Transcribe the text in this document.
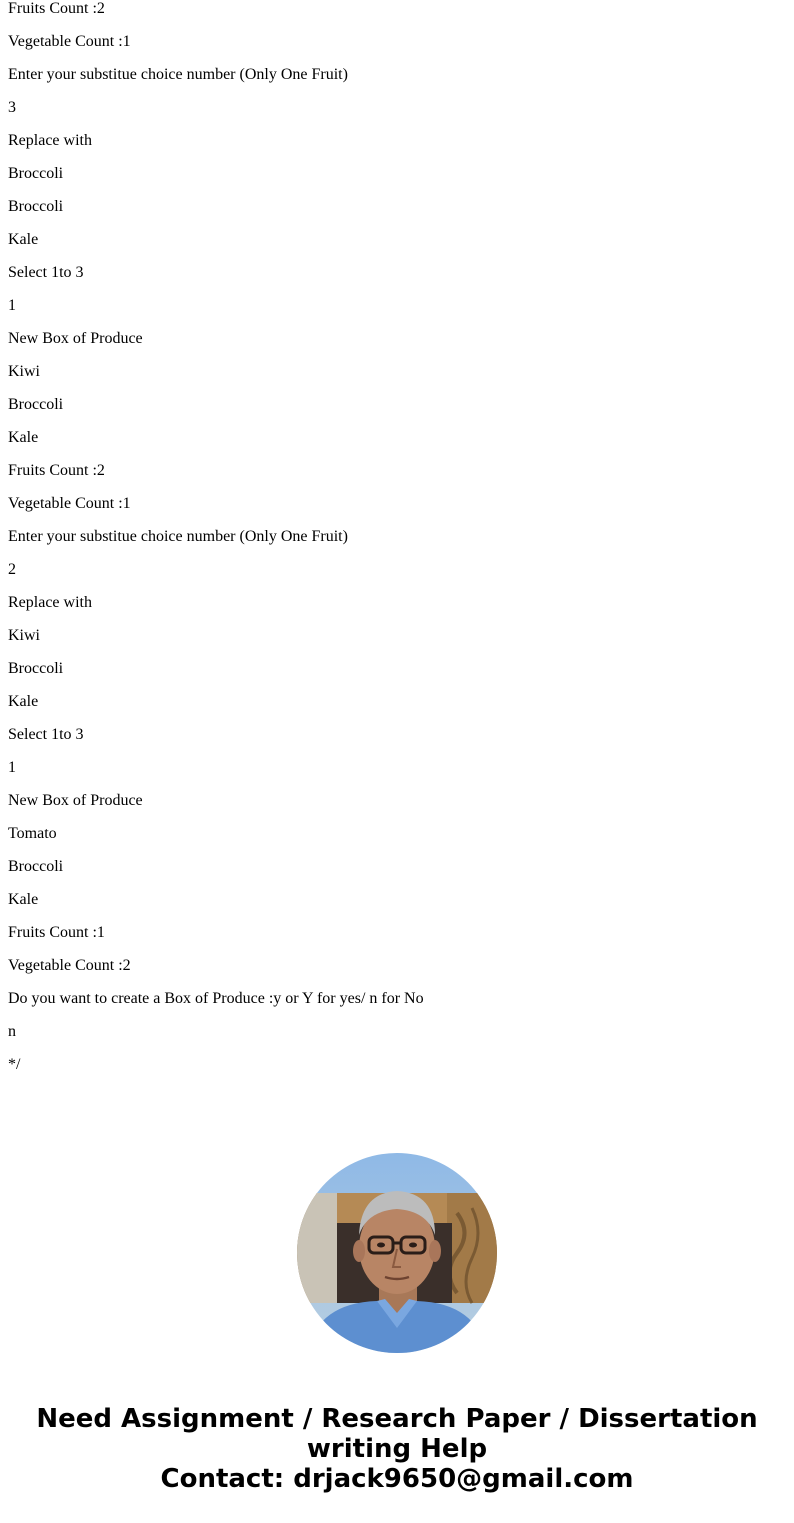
Fruits Count :2
Vegetable Count :1
Enter your substitue choice number (Only One Fruit)
3
Replace with
Broccoli
Broccoli
Kale
Select 1to 3
1
New Box of Produce
Kiwi
Broccoli
Kale
Fruits Count :2
Vegetable Count :1
Enter your substitue choice number (Only One Fruit)
2
Replace with
Kiwi
Broccoli
Kale
Select 1to 3
1
New Box of Produce
Tomato
Broccoli
Kale
Fruits Count :1
Vegetable Count :2
Do you want to create a Box of Produce :y or Y for yes/ n for No
n
*/
Need Assignment / Research Paper / Dissertation
writing Help
Contact: drjack9650@gmail.com
